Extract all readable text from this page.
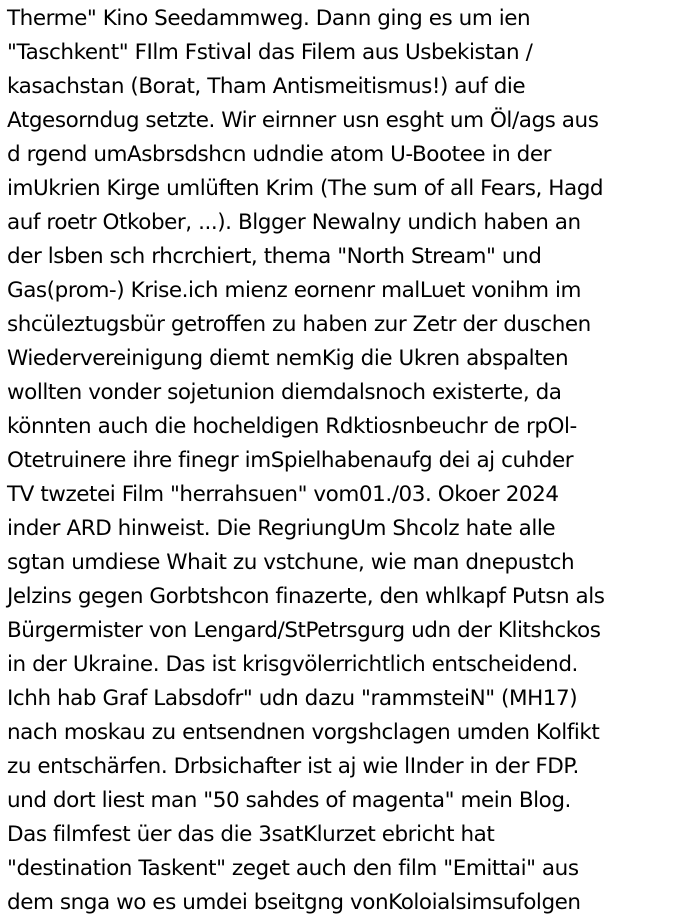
Therme" Kino Seedammweg. Dann ging es um ien
"Taschkent" FIlm Fstival das Filem aus Usbekistan /
kasachstan (Borat, Tham Antismeitismus!) auf die
Atgesorndug setzte. Wir eirnner usn esght um Öl/ags aus
d rgend umAsbrsdshcn udndie atom U-Bootee in der
imUkrien Kirge umlüften Krim (The sum of all Fears, Hagd
auf roetr Otkober, ...). Blgger Newalny undich haben an
der lsben sch rhcrchiert, thema "North Stream" und
Gas(prom-) Krise.ich mienz eornenr malLuet vonihm im
shcüleztugsbür getroffen zu haben zur Zetr der duschen
Wiedervereinigung diemt nemKig die Ukren abspalten
wollten vonder sojetunion diemdalsnoch existerte, da
könnten auch die hocheldigen Rdktiosnbeuchr de rpOl-
Otetruinere ihre finegr imSpielhabenaufg dei aj cuhder
TV twzetei Film "herrahsuen" vom01./03. Okoer 2024
inder ARD hinweist. Die RegriungUm Shcolz hate alle
sgtan umdiese Whait zu vstchune, wie man dnepustch
Jelzins gegen Gorbtshcon finazerte, den whlkapf Putsn als
Bürgermister von Lengard/StPetrsgurg udn der Klitshckos
in der Ukraine. Das ist krisgvölerrichtlich entscheidend.
Ichh hab Graf Labsdofr" udn dazu "rammsteiN" (MH17)
nach moskau zu entsendnen vorgshclagen umden Kolfikt
zu entschärfen. Drbsichafter ist aj wie lInder in der FDP.
und dort liest man "50 sahdes of magenta" mein Blog.
Das filmfest üer das die 3satKlurzet ebricht hat
"destination Taskent" zeget auch den film "Emittai" aus
dem snga wo es umdei bseitgng vonKoloialsimsufolgen
